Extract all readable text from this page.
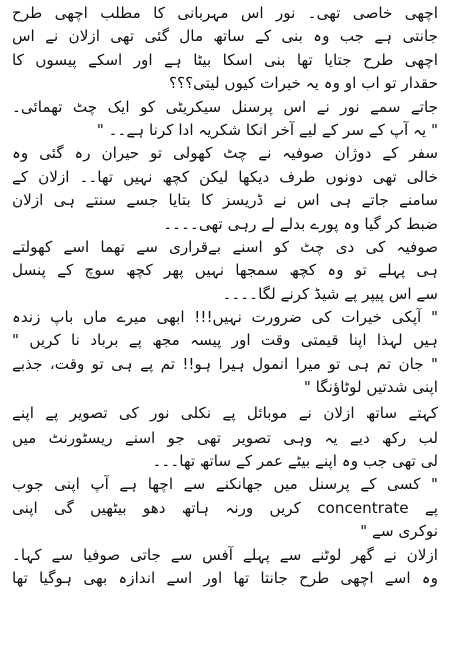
اچھی خاصی تھی۔ نور اس مہربانی کا مطلب اچھی طرح
جانتی ہے جب وہ بنی کے ساتھ مال گئی تھی ازلان نے اس
اچھی طرح جتایا تھا بنی اسکا بیٹا ہے اور اسکے پیسوں کا
حقدار تو اب او وہ یہ خیرات کیوں لیتی؟؟؟
جاتے سمے نور نے اس پرسنل سیکریٹی کو ایک چٹ تھمائی۔
" یہ آپ کے سر کے لیے آخر انکا شکریہ ادا کرنا ہے۔۔ "
سفر کے دوژان صوفیہ نے چٹ کھولی تو حیران رہ گئی وہ
خالی تھی دونوں طرف دیکھا لیکن کچھ نہیں تھا۔۔ ازلان کے
سامنے جاتے ہی اس نے ڈریسز کا بتایا جسے سنتے ہی ازلان
ضبط کر گیا وہ پورے بدلے لے رہی تھی۔۔۔۔
صوفیہ کی دی چٹ کو اسنے بےقراری سے تھما اسے کھولتے
ہی پہلے تو وہ کچھ سمجھا نہیں پھر کچھ سوچ کے پنسل
سے اس پیپر پے شیڈ کرنے لگا۔۔۔۔
" آپکی خیرات کی ضرورت نہیں!!! ابھی میرے ماں باپ زندہ
ہیں لہذا اپنا قیمتی وقت اور پیسہ مجھ پے برباد نا کریں "
" جان تم ہی تو میرا انمول ہیرا ہو!! تم پے ہی تو وقت، جذبے
اپنی شدتیں لوٹاؤنگا "
کہتے ساتھ ازلان نے موبائل پے نکلی نور کی تصویر پے اپنے
لب رکھ دیے یہ وہی تصویر تھی جو اسنے ریسٹورنٹ میں
لی تھی جب وہ اپنے بیٹے عمر کے ساتھ تھا۔۔۔
" کسی کے پرسنل میں جھانکنے سے اچھا ہے آپ اپنی جوب
پے concentrate کریں ورنہ ہاتھ دھو بیٹھیں گی اپنی
نوکری سے "
ازلان نے گھر لوٹنے سے پہلے آفس سے جاتی صوفیا سے کہا۔
وہ اسے اچھی طرح جانتا تھا اور اسے اندازہ بھی ہوگیا تھا
